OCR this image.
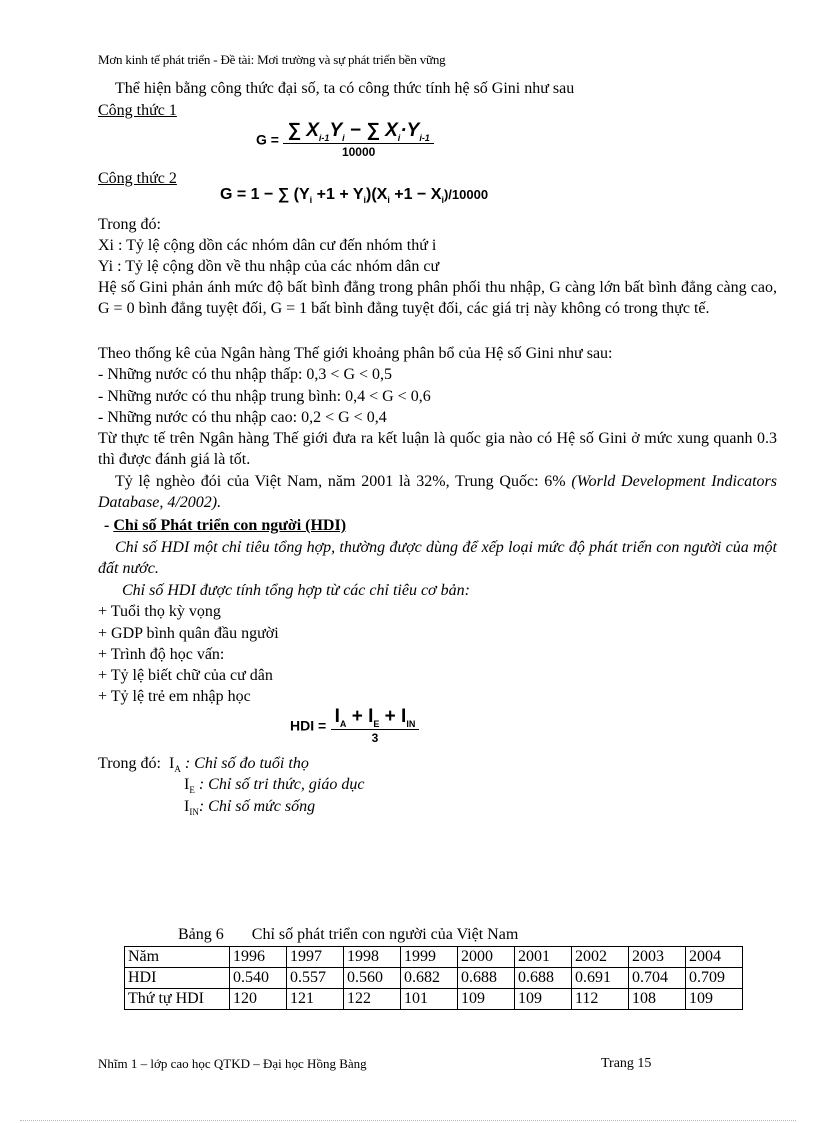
Mơn kinh tế phát triển - Đề tài: Mơi trường và sự phát triển bền vững
Thể hiện bằng công thức đại số, ta có công thức tính hệ số Gini như sau
Công thức 1
$G = \frac{\sum X_{i-1}Y_i - \sum X_i\cdot Y_{i-1}}{10000}$
Công thức 2
G = 1 − ∑ $(Y_i +1 + Y_i)(X_i +1 - X_i)/10000$
Trong đó:
Xi : Tỷ lệ cộng dồn các nhóm dân cư đến nhóm thứ i
Yi : Tỷ lệ cộng dồn về thu nhập của các nhóm dân cư
Hệ số Gini phản ánh mức độ bất bình đẳng trong phân phối thu nhập, G càng lớn bất bình đẳng càng cao, G = 0 bình đẳng tuyệt đối, G = 1 bất bình đẳng tuyệt đối, các giá trị này không có trong thực tế.
Theo thống kê của Ngân hàng Thế giới khoảng phân bổ của Hệ số Gini như sau:
- Những nước có thu nhập thấp: 0,3 < G < 0,5
- Những nước có thu nhập trung bình: 0,4 < G < 0,6
- Những nước có thu nhập cao: 0,2 < G < 0,4
Từ thực tế trên Ngân hàng Thế giới đưa ra kết luận là quốc gia nào có Hệ số Gini ở mức xung quanh 0.3 thì được đánh giá là tốt.
Tỷ lệ nghèo đói của Việt Nam, năm 2001 là 32%, Trung Quốc: 6% (World Development Indicators Database, 4/2002).
- Chỉ số Phát triển con người (HDI)
Chỉ số HDI một chỉ tiêu tổng hợp, thường được dùng để xếp loại mức độ phát triển con người của một đất nước.
Chỉ số HDI được tính tổng hợp từ các chỉ tiêu cơ bản:
+ Tuổi thọ kỳ vọng
+ GDP bình quân đầu người
+ Trình độ học vấn:
+ Tỷ lệ biết chữ của cư dân
+ Tỷ lệ trẻ em nhập học
HDI = $\frac{I_A + I_E + I_{IN}}{3}$
Trong đó: $I_A$ : Chỉ số đo tuổi thọ
$I_E$ : Chỉ số tri thức, giáo dục
$I_{IN}$: Chỉ số mức sống
Bảng 6       Chỉ số phát triển con người của Việt Nam
Năm	1996	1997	1998	1999	2000	2001	2002	2003	2004
HDI	0.540	0.557	0.560	0.682	0.688	0.688	0.691	0.704	0.709
Thứ tự HDI	120	121	122	101	109	109	112	108	109
Nhĩm 1 – lớp cao học QTKD – Đại học Hồng Bàng	Trang 15
